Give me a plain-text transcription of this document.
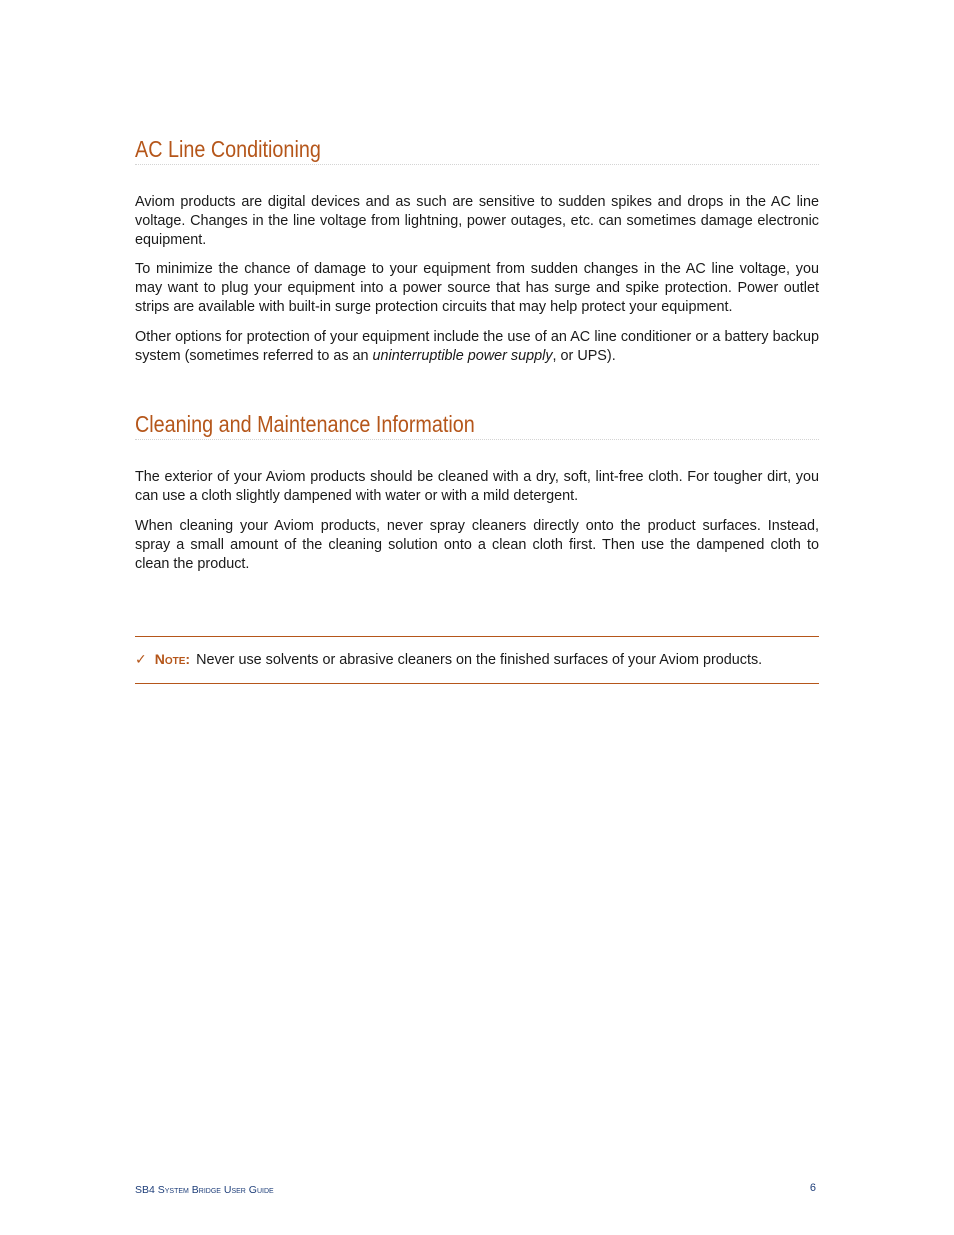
AC Line Conditioning

Aviom products are digital devices and as such are sensitive to sudden spikes and drops in the AC line voltage. Changes in the line voltage from lightning, power outages, etc. can sometimes damage electronic equipment.

To minimize the chance of damage to your equipment from sudden changes in the AC line voltage, you may want to plug your equipment into a power source that has surge and spike protection. Power outlet strips are available with built-in surge protection circuits that may help protect your equipment.

Other options for protection of your equipment include the use of an AC line conditioner or a battery backup system (sometimes referred to as an uninterruptible power supply, or UPS).

Cleaning and Maintenance Information

The exterior of your Aviom products should be cleaned with a dry, soft, lint-free cloth. For tougher dirt, you can use a cloth slightly dampened with water or with a mild detergent.

When cleaning your Aviom products, never spray cleaners directly onto the product surfaces. Instead, spray a small amount of the cleaning solution onto a clean cloth first. Then use the dampened cloth to clean the product.

✓ Note: Never use solvents or abrasive cleaners on the finished surfaces of your Aviom products.
SB4 System Bridge User Guide	6
